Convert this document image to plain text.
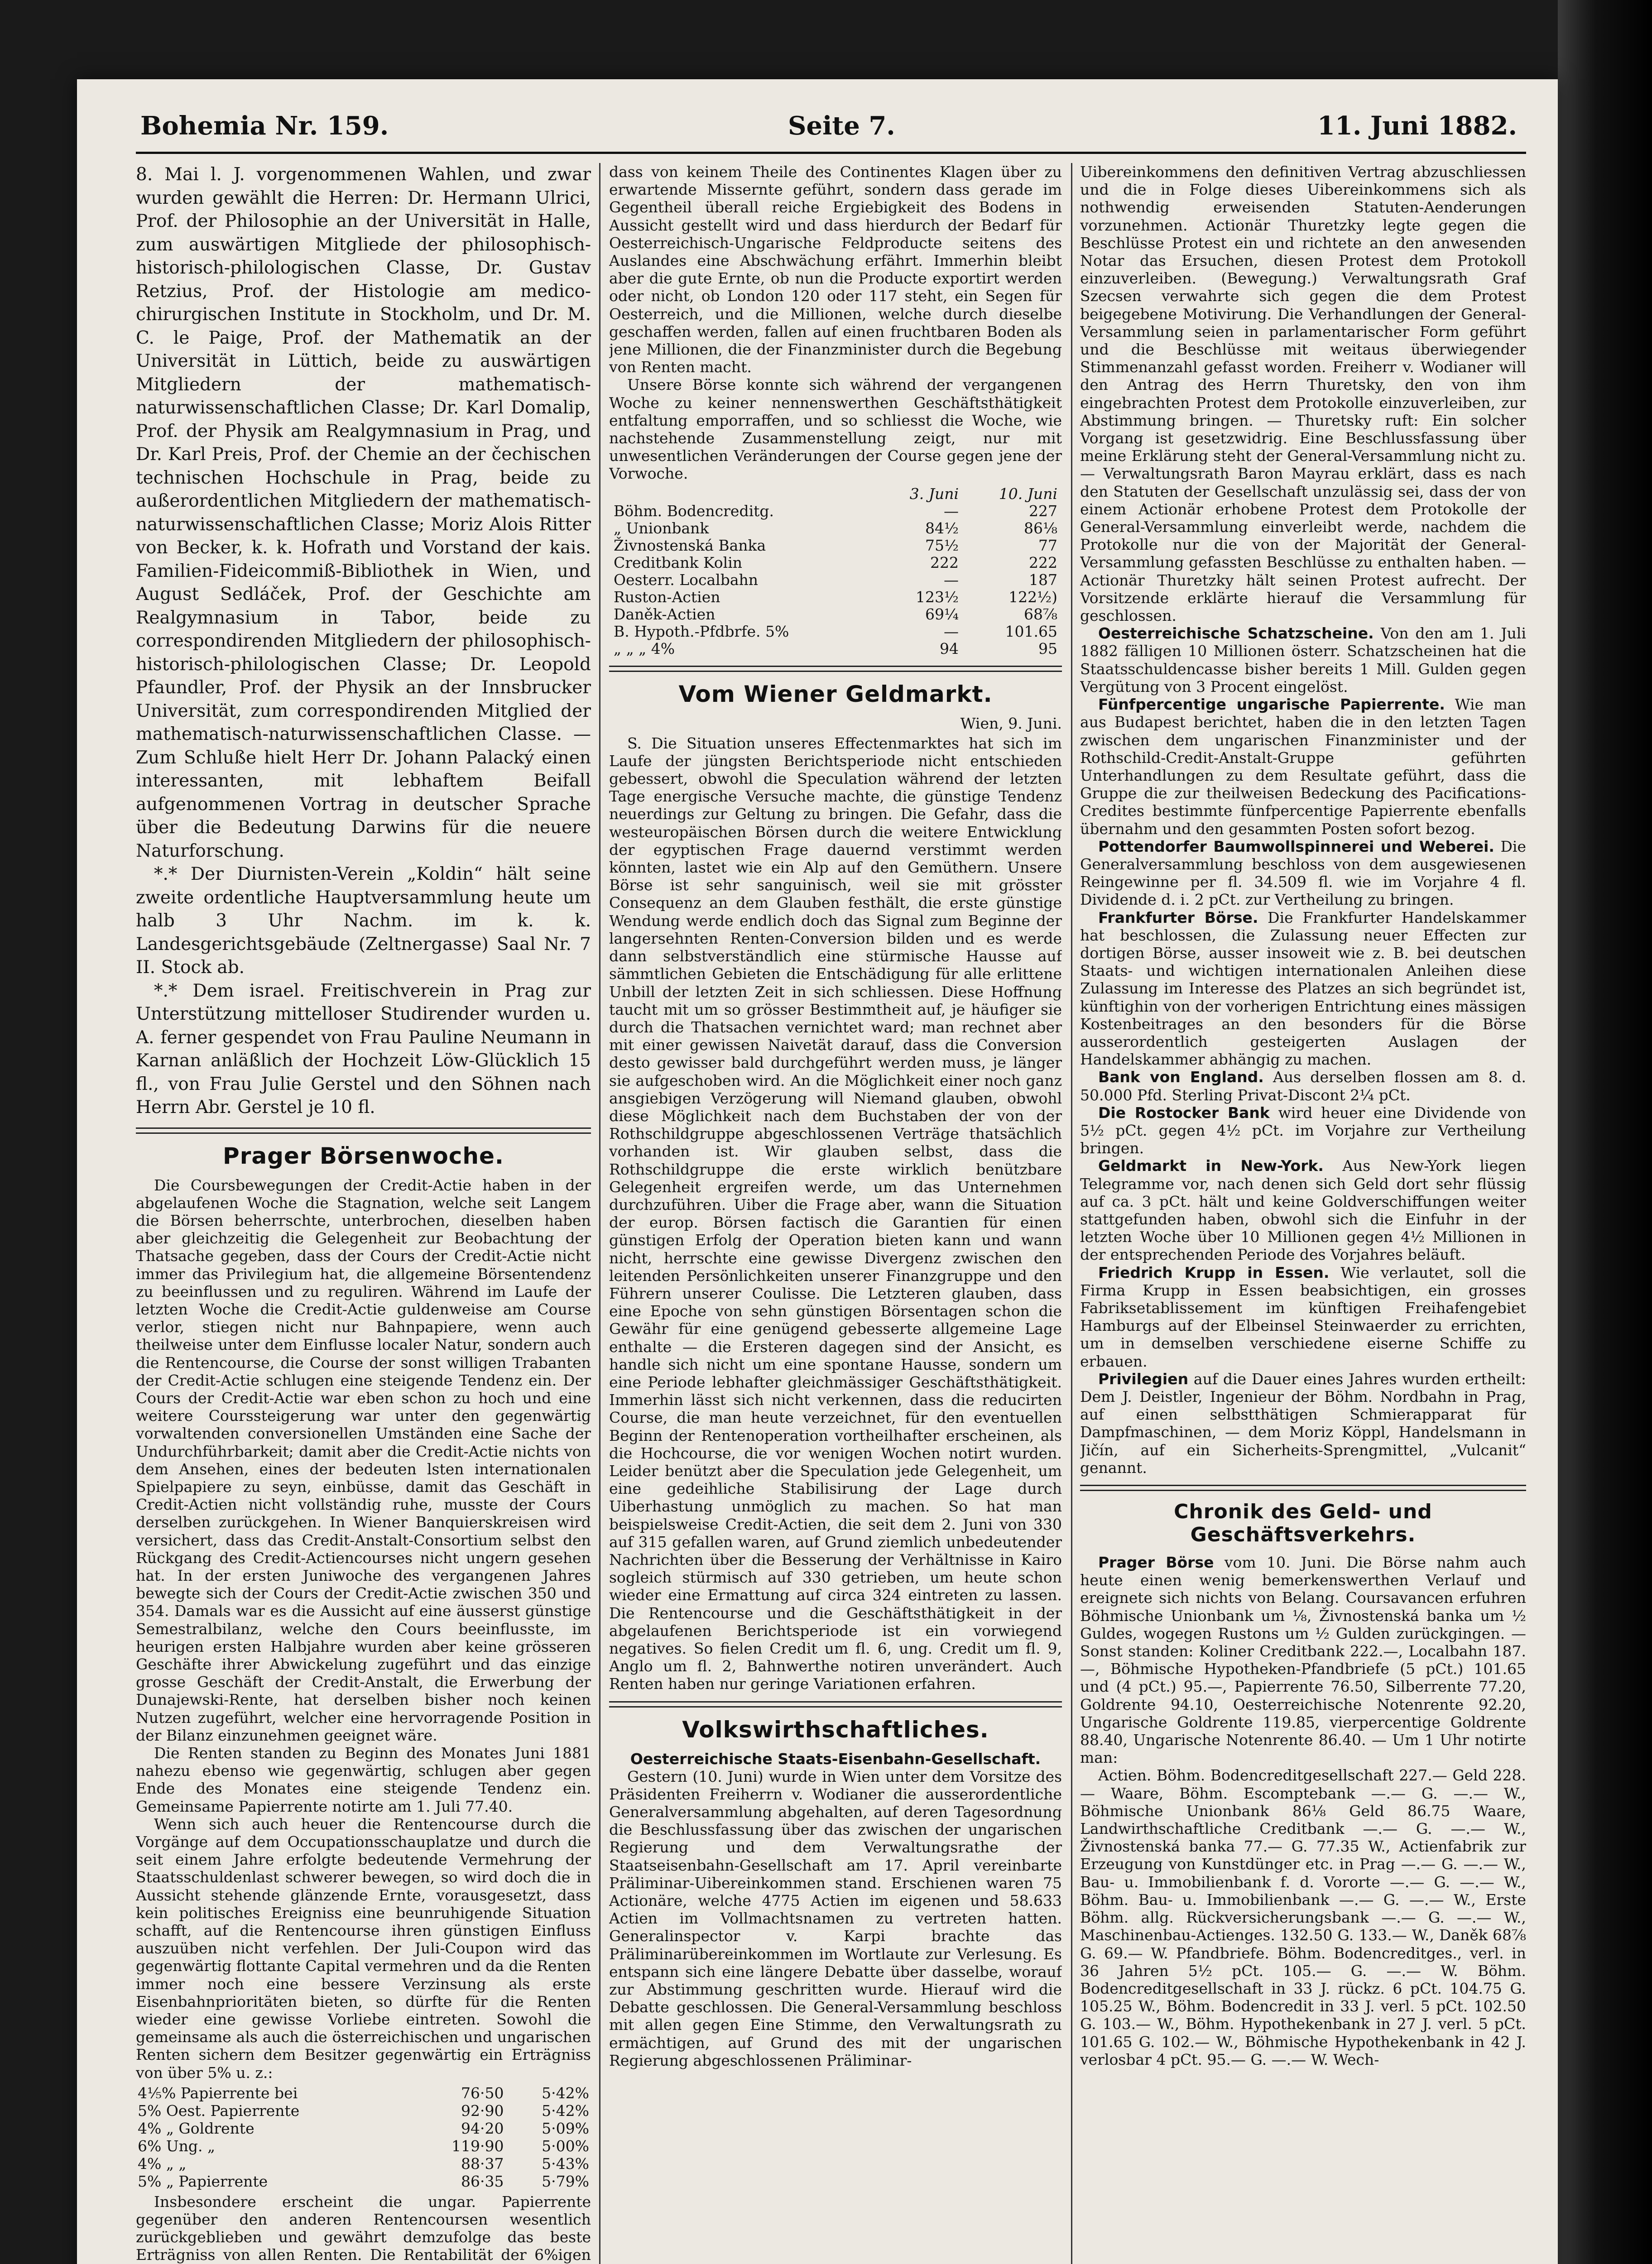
Bohemia Nr. 159.	Seite 7.	11. Juni 1882.

8. Mai l. J. vorgenommenen Wahlen, und zwar wurden gewählt die Herren: Dr. Hermann Ulrici, Prof. der Philosophie an der Universität in Halle, zum auswärtigen Mitgliede der philosophisch-historisch-philologischen Classe, Dr. Gustav Retzius, Prof. der Histologie am medico-chirurgischen Institute in Stockholm, und Dr. M. C. le Paige, Prof. der Mathematik an der Universität in Lüttich, beide zu auswärtigen Mitgliedern der mathematisch-naturwissenschaftlichen Classe; Dr. Karl Domalip, Prof. der Physik am Realgymnasium in Prag, und Dr. Karl Preis, Prof. der Chemie an der čechischen technischen Hochschule in Prag, beide zu außerordentlichen Mitgliedern der mathematisch-naturwissenschaftlichen Classe; Moriz Alois Ritter von Becker, k. k. Hofrath und Vorstand der kais. Familien-Fideicommiß-Bibliothek in Wien, und August Sedláček, Prof. der Geschichte am Realgymnasium in Tabor, beide zu correspondirenden Mitgliedern der philosophisch-historisch-philologischen Classe; Dr. Leopold Pfaundler, Prof. der Physik an der Innsbrucker Universität, zum correspondirenden Mitglied der mathematisch-naturwissenschaftlichen Classe. — Zum Schluße hielt Herr Dr. Johann Palacký einen interessanten, mit lebhaftem Beifall aufgenommenen Vortrag in deutscher Sprache über die Bedeutung Darwins für die neuere Naturforschung.

*.* Der Diurnisten-Verein „Koldin“ hält seine zweite ordentliche Hauptversammlung heute um halb 3 Uhr Nachm. im k. k. Landesgerichtsgebäude (Zeltnergasse) Saal Nr. 7 II. Stock ab.

*.* Dem israel. Freitischverein in Prag zur Unterstützung mittelloser Studirender wurden u. A. ferner gespendet von Frau Pauline Neumann in Karnan anläßlich der Hochzeit Löw-Glücklich 15 fl., von Frau Julie Gerstel und den Söhnen nach Herrn Abr. Gerstel je 10 fl.

Prager Börsenwoche.

Die Coursbewegungen der Credit-Actie haben in der abgelaufenen Woche die Stagnation, welche seit Langem die Börsen beherrschte, unterbrochen, dieselben haben aber gleichzeitig die Gelegenheit zur Beobachtung der Thatsache gegeben, dass der Cours der Credit-Actie nicht immer das Privilegium hat, die allgemeine Börsentendenz zu beeinflussen und zu reguliren. Während im Laufe der letzten Woche die Credit-Actie guldenweise am Course verlor, stiegen nicht nur Bahnpapiere, wenn auch theilweise unter dem Einflusse localer Natur, sondern auch die Rentencourse, die Course der sonst willigen Trabanten der Credit-Actie schlugen eine steigende Tendenz ein. Der Cours der Credit-Actie war eben schon zu hoch und eine weitere Courssteigerung war unter den gegenwärtig vorwaltenden conversionellen Umständen eine Sache der Undurchführbarkeit; damit aber die Credit-Actie nichts von dem Ansehen, eines der bedeuten lsten internationalen Spielpapiere zu seyn, einbüsse, damit das Geschäft in Credit-Actien nicht vollständig ruhe, musste der Cours derselben zurückgehen. In Wiener Banquierskreisen wird versichert, dass das Credit-Anstalt-Consortium selbst den Rückgang des Credit-Actiencourses nicht ungern gesehen hat. In der ersten Juniwoche des vergangenen Jahres bewegte sich der Cours der Credit-Actie zwischen 350 und 354. Damals war es die Aussicht auf eine äusserst günstige Semestralbilanz, welche den Cours beeinflusste, im heurigen ersten Halbjahre wurden aber keine grösseren Geschäfte ihrer Abwickelung zugeführt und das einzige grosse Geschäft der Credit-Anstalt, die Erwerbung der Dunajewski-Rente, hat derselben bisher noch keinen Nutzen zugeführt, welcher eine hervorragende Position in der Bilanz einzunehmen geeignet wäre.

Die Renten standen zu Beginn des Monates Juni 1881 nahezu ebenso wie gegenwärtig, schlugen aber gegen Ende des Monates eine steigende Tendenz ein. Gemeinsame Papierrente notirte am 1. Juli 77.40.

Wenn sich auch heuer die Rentencourse durch die Vorgänge auf dem Occupationsschauplatze und durch die seit einem Jahre erfolgte bedeutende Vermehrung der Staatsschuldenlast schwerer bewegen, so wird doch die in Aussicht stehende glänzende Ernte, vorausgesetzt, dass kein politisches Ereigniss eine beunruhigende Situation schafft, auf die Rentencourse ihren günstigen Einfluss auszuüben nicht verfehlen. Der Juli-Coupon wird das gegenwärtig flottante Capital vermehren und da die Renten immer noch eine bessere Verzinsung als erste Eisenbahnprioritäten bieten, so dürfte für die Renten wieder eine gewisse Vorliebe eintreten. Sowohl die gemeinsame als auch die österreichischen und ungarischen Renten sichern dem Besitzer gegenwärtig ein Erträgniss von über 5% u. z.:

4⅕% Papierrente bei	76·50	5·42%
5% Oest. Papierrente	92·90	5·42%
4% „ Goldrente	94·20	5·09%
6% Ung. „	119·90	5·00%
4% „ „	88·37	5·43%
5% „ Papierrente	86·35	5·79%

Insbesondere erscheint die ungar. Papierrente gegenüber den anderen Rentencoursen wesentlich zurückgeblieben und gewährt demzufolge das beste Erträgniss von allen Renten. Die Rentabilität der 6%igen

dass von keinem Theile des Continentes Klagen über zu erwartende Misserntе geführt, sondern dass gerade im Gegentheil überall reiche Ergiebigkeit des Bodens in Aussicht gestellt wird und dass hierdurch der Bedarf für Oesterreichisch-Ungarische Feldproducte seitens des Auslandes eine Abschwächung erfährt. Immerhin bleibt aber die gute Ernte, ob nun die Producte exportirt werden oder nicht, ob London 120 oder 117 steht, ein Segen für Oesterreich, und die Millionen, welche durch dieselbe geschaffen werden, fallen auf einen fruchtbaren Boden als jene Millionen, die der Finanzminister durch die Begebung von Renten macht.

Unsere Börse konnte sich während der vergangenen Woche zu keiner nennenswerthen Geschäftsthätigkeit entfaltung emporraffen, und so schliesst die Woche, wie nachstehende Zusammenstellung zeigt, nur mit unwesentlichen Veränderungen der Course gegen jene der Vorwoche.

	3. Juni	10. Juni
Böhm. Bodencreditg.	—	227
„ Unionbank	84½	86⅛
Živnostenská Banka	75½	77
Creditbank Kolin	222	222
Oesterr. Localbahn	—	187
Ruston-Actien	123½	122½)
Daněk-Actien	69¼	68⅞
B. Hypoth.-Pfdbrfe. 5%	—	101.65
„ „ „ 4%	94	95
Vom Wiener Geldmarkt.
Wien, 9. Juni.

S. Die Situation unseres Effectenmarktes hat sich im Laufe der jüngsten Berichtsperiode nicht entschieden gebessert, obwohl die Speculation während der letzten Tage energische Versuche machte, die günstige Tendenz neuerdings zur Geltung zu bringen. Die Gefahr, dass die westeuropäischen Börsen durch die weitere Entwicklung der egyptischen Frage dauernd verstimmt werden könnten, lastet wie ein Alp auf den Gemüthern. Unsere Börse ist sehr sanguinisch, weil sie mit grösster Consequenz an dem Glauben festhält, die erste günstige Wendung werde endlich doch das Signal zum Beginne der langersehnten Renten-Conversion bilden und es werde dann selbstverständlich eine stürmische Hausse auf sämmtlichen Gebieten die Entschädigung für alle erlittene Unbill der letzten Zeit in sich schliessen. Diese Hoffnung taucht mit um so grösser Bestimmtheit auf, je häufiger sie durch die Thatsachen vernichtet ward; man rechnet aber mit einer gewissen Naivetät darauf, dass die Conversion desto gewisser bald durchgeführt werden muss, je länger sie aufgeschoben wird. An die Möglichkeit einer noch ganz ansgiebigen Verzögerung will Niemand glauben, obwohl diese Möglichkeit nach dem Buchstaben der von der Rothschildgruppe abgeschlossenen Verträge thatsächlich vorhanden ist. Wir glauben selbst, dass die Rothschildgruppe die erste wirklich benützbare Gelegenheit ergreifen werde, um das Unternehmen durchzuführen. Uiber die Frage aber, wann die Situation der europ. Börsen factisch die Garantien für einen günstigen Erfolg der Operation bieten kann und wann nicht, herrschte eine gewisse Divergenz zwischen den leitenden Persönlichkeiten unserer Finanzgruppe und den Führern unserer Coulisse. Die Letzteren glauben, dass eine Epoche von sehn günstigen Börsentagen schon die Gewähr für eine genügend gebesserte allgemeine Lage enthalte — die Ersteren dagegen sind der Ansicht, es handle sich nicht um eine spontane Hausse, sondern um eine Periode lebhafter gleichmässiger Geschäftsthätigkeit. Immerhin lässt sich nicht verkennen, dass die reducirten Course, die man heute verzeichnet, für den eventuellen Beginn der Rentenoperation vortheilhafter erscheinen, als die Hochcourse, die vor wenigen Wochen notirt wurden. Leider benützt aber die Speculation jede Gelegenheit, um eine gedeihliche Stabilisirung der Lage durch Uiberhastung unmöglich zu machen. So hat man beispielsweise Credit-Actien, die seit dem 2. Juni von 330 auf 315 gefallen waren, auf Grund ziemlich unbedeutender Nachrichten über die Besserung der Verhältnisse in Kairo sogleich stürmisch auf 330 getrieben, um heute schon wieder eine Ermattung auf circa 324 eintreten zu lassen. Die Rentencourse und die Geschäftsthätigkeit in der abgelaufenen Berichtsperiode ist ein vorwiegend negatives. So fielen Credit um fl. 6, ung. Credit um fl. 9, Anglo um fl. 2, Bahnwerthe notiren unverändert. Auch Renten haben nur geringe Variationen erfahren.

Volkswirthschaftliches.
Oesterreichische Staats-Eisenbahn-Gesellschaft.

Gestern (10. Juni) wurde in Wien unter dem Vorsitze des Präsidenten Freiherrn v. Wodianer die ausserordentliche Generalversammlung abgehalten, auf deren Tagesordnung die Beschlussfassung über das zwischen der ungarischen Regierung und dem Verwaltungsrathe der Staatseisenbahn-Gesellschaft am 17. April vereinbarte Präliminar-Uibereinkommen stand. Erschienen waren 75 Actionäre, welche 4775 Actien im eigenen und 58.633 Actien im Vollmachtsnamen zu vertreten hatten. Generalinspector v. Karpi brachte das Präliminarübereinkommen im Wortlaute zur Verlesung. Es entspann sich eine längere Debatte über dasselbe, worauf zur Abstimmung geschritten wurde. Hierauf wird die Debatte geschlossen. Die General-Versammlung beschloss mit allen gegen Eine Stimme, den Verwaltungsrath zu ermächtigen, auf Grund des mit der ungarischen Regierung abgeschlossenen Präliminar-

Uibereinkommens den definitiven Vertrag abzuschliessen und die in Folge dieses Uibereinkommens sich als nothwendig erweisenden Statuten-Aenderungen vorzunehmen. Actionär Thuretzky legte gegen die Beschlüsse Protest ein und richtete an den anwesenden Notar das Ersuchen, diesen Protest dem Protokoll einzuverleiben. (Bewegung.) Verwaltungsrath Graf Szecsen verwahrte sich gegen die dem Protest beigegebene Motivirung. Die Verhandlungen der General-Versammlung seien in parlamentarischer Form geführt und die Beschlüsse mit weitaus überwiegender Stimmenanzahl gefasst worden. Freiherr v. Wodianer will den Antrag des Herrn Thuretsky, den von ihm eingebrachten Protest dem Protokolle einzuverleiben, zur Abstimmung bringen. — Thuretsky ruft: Ein solcher Vorgang ist gesetzwidrig. Eine Beschlussfassung über meine Erklärung steht der General-Versammlung nicht zu. — Verwaltungsrath Baron Mayrau erklärt, dass es nach den Statuten der Gesellschaft unzulässig sei, dass der von einem Actionär erhobene Protest dem Protokolle der General-Versammlung einverleibt werde, nachdem die Protokolle nur die von der Majorität der General-Versammlung gefassten Beschlüsse zu enthalten haben. — Actionär Thuretzky hält seinen Protest aufrecht. Der Vorsitzende erklärte hierauf die Versammlung für geschlossen.

Oesterreichische Schatzscheine. Von den am 1. Juli 1882 fälligen 10 Millionen österr. Schatzscheinen hat die Staatsschuldencasse bisher bereits 1 Mill. Gulden gegen Vergütung von 3 Procent eingelöst.

Fünfpercentige ungarische Papierrente. Wie man aus Budapest berichtet, haben die in den letzten Tagen zwischen dem ungarischen Finanzminister und der Rothschild-Credit-Anstalt-Gruppe geführten Unterhandlungen zu dem Resultate geführt, dass die Gruppe die zur theilweisen Bedeckung des Pacifications-Credites bestimmte fünfpercentige Papierrente ebenfalls übernahm und den gesammten Posten sofort bezog.

Pottendorfer Baumwollspinnerei und Weberei. Die Generalversammlung beschloss von dem ausgewiesenen Reingewinne per fl. 34.509 fl. wie im Vorjahre 4 fl. Dividende d. i. 2 pCt. zur Vertheilung zu bringen.

Frankfurter Börse. Die Frankfurter Handelskammer hat beschlossen, die Zulassung neuer Effecten zur dortigen Börse, ausser insoweit wie z. B. bei deutschen Staats- und wichtigen internationalen Anleihen diese Zulassung im Interesse des Platzes an sich begründet ist, künftighin von der vorherigen Entrichtung eines mässigen Kostenbeitrages an den besonders für die Börse ausserordentlich gesteigerten Auslagen der Handelskammer abhängig zu machen.

Bank von England. Aus derselben flossen am 8. d. 50.000 Pfd. Sterling Privat-Discont 2¼ pCt.

Die Rostocker Bank wird heuer eine Dividende von 5½ pCt. gegen 4½ pCt. im Vorjahre zur Vertheilung bringen.

Geldmarkt in New-York. Aus New-York liegen Telegramme vor, nach denen sich Geld dort sehr flüssig auf ca. 3 pCt. hält und keine Goldverschiffungen weiter stattgefunden haben, obwohl sich die Einfuhr in der letzten Woche über 10 Millionen gegen 4½ Millionen in der entsprechenden Periode des Vorjahres beläuft.

Friedrich Krupp in Essen. Wie verlautet, soll die Firma Krupp in Essen beabsichtigen, ein grosses Fabriksetablissement im künftigen Freihafengebiet Hamburgs auf der Elbeinsel Steinwaerder zu errichten, um in demselben verschiedene eiserne Schiffe zu erbauen.

Privilegien auf die Dauer eines Jahres wurden ertheilt: Dem J. Deistler, Ingenieur der Böhm. Nordbahn in Prag, auf einen selbstthätigen Schmierapparat für Dampfmaschinen, — dem Moriz Köppl, Handelsmann in Jičín, auf ein Sicherheits-Sprengmittel, „Vulcanit“ genannt.

Chronik des Geld- und Geschäftsverkehrs.

Prager Börse vom 10. Juni. Die Börse nahm auch heute einen wenig bemerkenswerthen Verlauf und ereignete sich nichts von Belang. Coursavancen erfuhren Böhmische Unionbank um ⅛, Živnostenská banka um ½ Guldes, wogegen Rustons um ½ Gulden zurückgingen. — Sonst standen: Koliner Creditbank 222.—, Localbahn 187.—, Böhmische Hypotheken-Pfandbriefe (5 pCt.) 101.65 und (4 pCt.) 95.—, Papierrente 76.50, Silberrente 77.20, Goldrente 94.10, Oesterreichische Notenrente 92.20, Ungarische Goldrente 119.85, vierpercentige Goldrente 88.40, Ungarische Notenrente 86.40. — Um 1 Uhr notirte man:

Actien. Böhm. Bodencreditgesellschaft 227.— Geld 228.— Waare, Böhm. Escomptebank —.— G. —.— W., Böhmische Unionbank 86⅛ Geld 86.75 Waare, Landwirthschaftliche Creditbank —.— G. —.— W., Živnostenská banka 77.— G. 77.35 W., Actienfabrik zur Erzeugung von Kunstdünger etc. in Prag —.— G. —.— W., Bau- u. Immobilienbank f. d. Vororte —.— G. —.— W., Böhm. Bau- u. Immobilienbank —.— G. —.— W., Erste Böhm. allg. Rückversicherungsbank —.— G. —.— W., Maschinenbau-Actienges. 132.50 G. 133.— W., Daněk 68⅞ G. 69.— W. Pfandbriefe. Böhm. Bodencreditges., verl. in 36 Jahren 5½ pCt. 105.— G. —.— W. Böhm. Bodencreditgesellschaft in 33 J. rückz. 6 pCt. 104.75 G. 105.25 W., Böhm. Bodencredit in 33 J. verl. 5 pCt. 102.50 G. 103.— W., Böhm. Hypothekenbank in 27 J. verl. 5 pCt. 101.65 G. 102.— W., Böhmische Hypothekenbank in 42 J. verlosbar 4 pCt. 95.— G. —.— W. Wech-
